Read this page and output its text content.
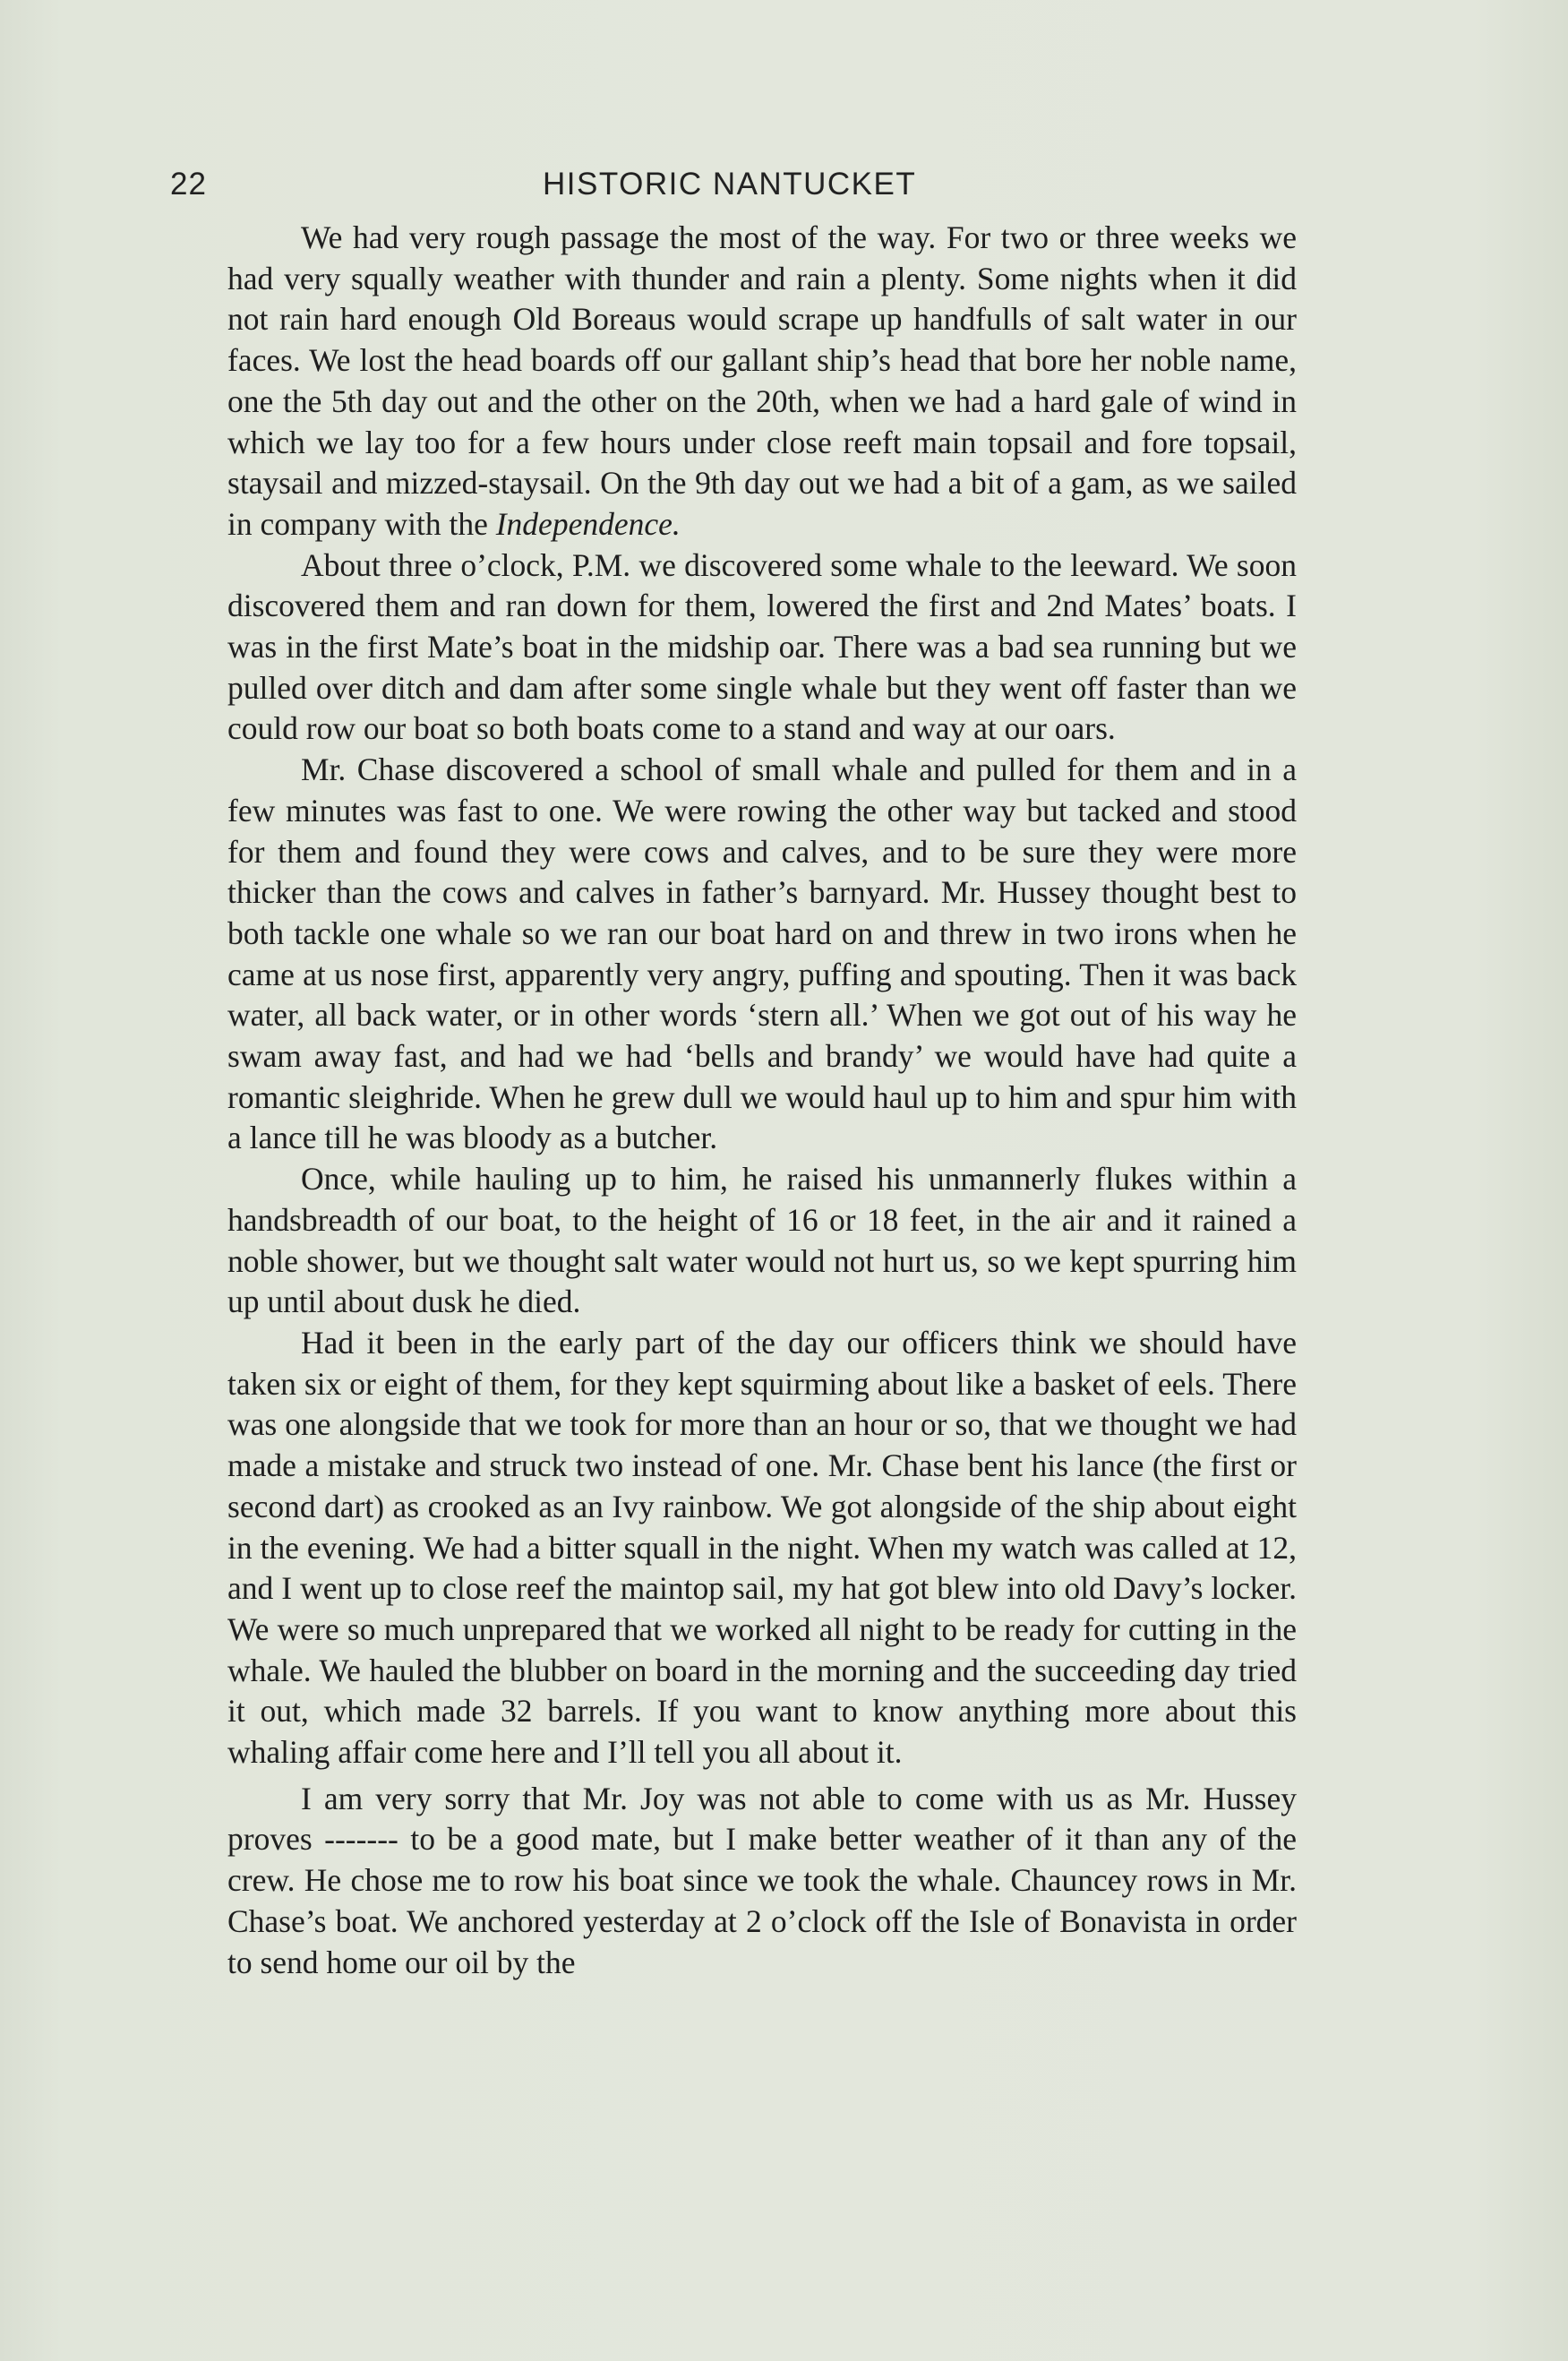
22	HISTORIC NANTUCKET

We had very rough passage the most of the way. For two or three weeks we had very squally weather with thunder and rain a plenty. Some nights when it did not rain hard enough Old Boreaus would scrape up handfulls of salt water in our faces. We lost the head boards off our gallant ship’s head that bore her noble name, one the 5th day out and the other on the 20th, when we had a hard gale of wind in which we lay too for a few hours under close reeft main topsail and fore topsail, staysail and mizzed-staysail. On the 9th day out we had a bit of a gam, as we sailed in company with the Independence.

About three o’clock, P.M. we discovered some whale to the leeward. We soon discovered them and ran down for them, lowered the first and 2nd Mates’ boats. I was in the first Mate’s boat in the midship oar. There was a bad sea running but we pulled over ditch and dam after some single whale but they went off faster than we could row our boat so both boats come to a stand and way at our oars.

Mr. Chase discovered a school of small whale and pulled for them and in a few minutes was fast to one. We were rowing the other way but tacked and stood for them and found they were cows and calves, and to be sure they were more thicker than the cows and calves in father’s barnyard. Mr. Hussey thought best to both tackle one whale so we ran our boat hard on and threw in two irons when he came at us nose first, apparently very angry, puffing and spouting. Then it was back water, all back water, or in other words ‘stern all.’ When we got out of his way he swam away fast, and had we had ‘bells and brandy’ we would have had quite a romantic sleighride. When he grew dull we would haul up to him and spur him with a lance till he was bloody as a butcher.

Once, while hauling up to him, he raised his unmannerly flukes within a handsbreadth of our boat, to the height of 16 or 18 feet, in the air and it rained a noble shower, but we thought salt water would not hurt us, so we kept spurring him up until about dusk he died.

Had it been in the early part of the day our officers think we should have taken six or eight of them, for they kept squirming about like a basket of eels. There was one alongside that we took for more than an hour or so, that we thought we had made a mistake and struck two instead of one. Mr. Chase bent his lance (the first or second dart) as crooked as an Ivy rainbow. We got alongside of the ship about eight in the evening. We had a bitter squall in the night. When my watch was called at 12, and I went up to close reef the maintop sail, my hat got blew into old Davy’s locker. We were so much unprepared that we worked all night to be ready for cutting in the whale. We hauled the blubber on board in the morning and the succeeding day tried it out, which made 32 barrels. If you want to know anything more about this whaling affair come here and I’ll tell you all about it.

I am very sorry that Mr. Joy was not able to come with us as Mr. Hussey proves ------- to be a good mate, but I make better weather of it than any of the crew. He chose me to row his boat since we took the whale. Chauncey rows in Mr. Chase’s boat. We anchored yesterday at 2 o’clock off the Isle of Bonavista in order to send home our oil by the
